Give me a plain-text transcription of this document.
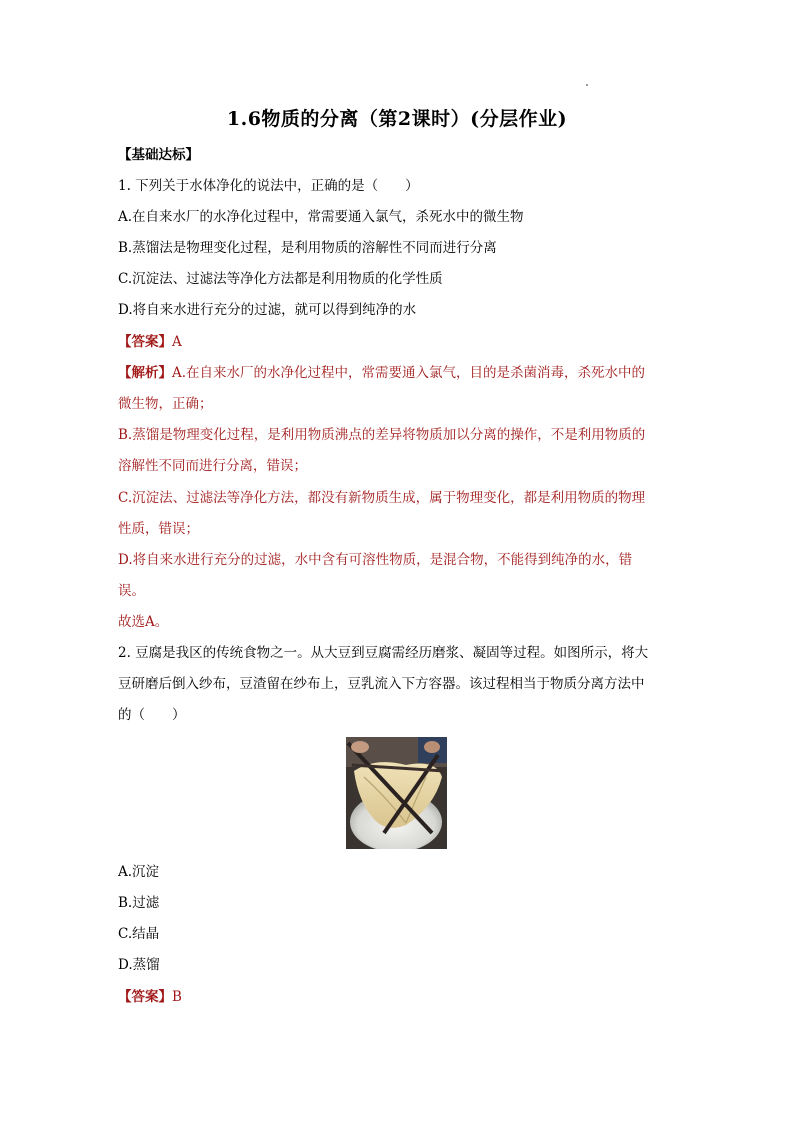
1.6物质的分离（第2课时）(分层作业)
【基础达标】
1. 下列关于水体净化的说法中，正确的是（　　）
A.在自来水厂的水净化过程中，常需要通入氯气，杀死水中的微生物
B.蒸馏法是物理变化过程，是利用物质的溶解性不同而进行分离
C.沉淀法、过滤法等净化方法都是利用物质的化学性质
D.将自来水进行充分的过滤，就可以得到纯净的水
【答案】A
【解析】A.在自来水厂的水净化过程中，常需要通入氯气，目的是杀菌消毒，杀死水中的
微生物，正确；
B.蒸馏是物理变化过程，是利用物质沸点的差异将物质加以分离的操作，不是利用物质的
溶解性不同而进行分离，错误；
C.沉淀法、过滤法等净化方法，都没有新物质生成，属于物理变化，都是利用物质的物理
性质，错误；
D.将自来水进行充分的过滤，水中含有可溶性物质，是混合物，不能得到纯净的水，错
误。
故选A。
2. 豆腐是我区的传统食物之一。从大豆到豆腐需经历磨浆、凝固等过程。如图所示，将大
豆研磨后倒入纱布，豆渣留在纱布上，豆乳流入下方容器。该过程相当于物质分离方法中
的（　　）
A.沉淀
B.过滤
C.结晶
D.蒸馏
【答案】B
